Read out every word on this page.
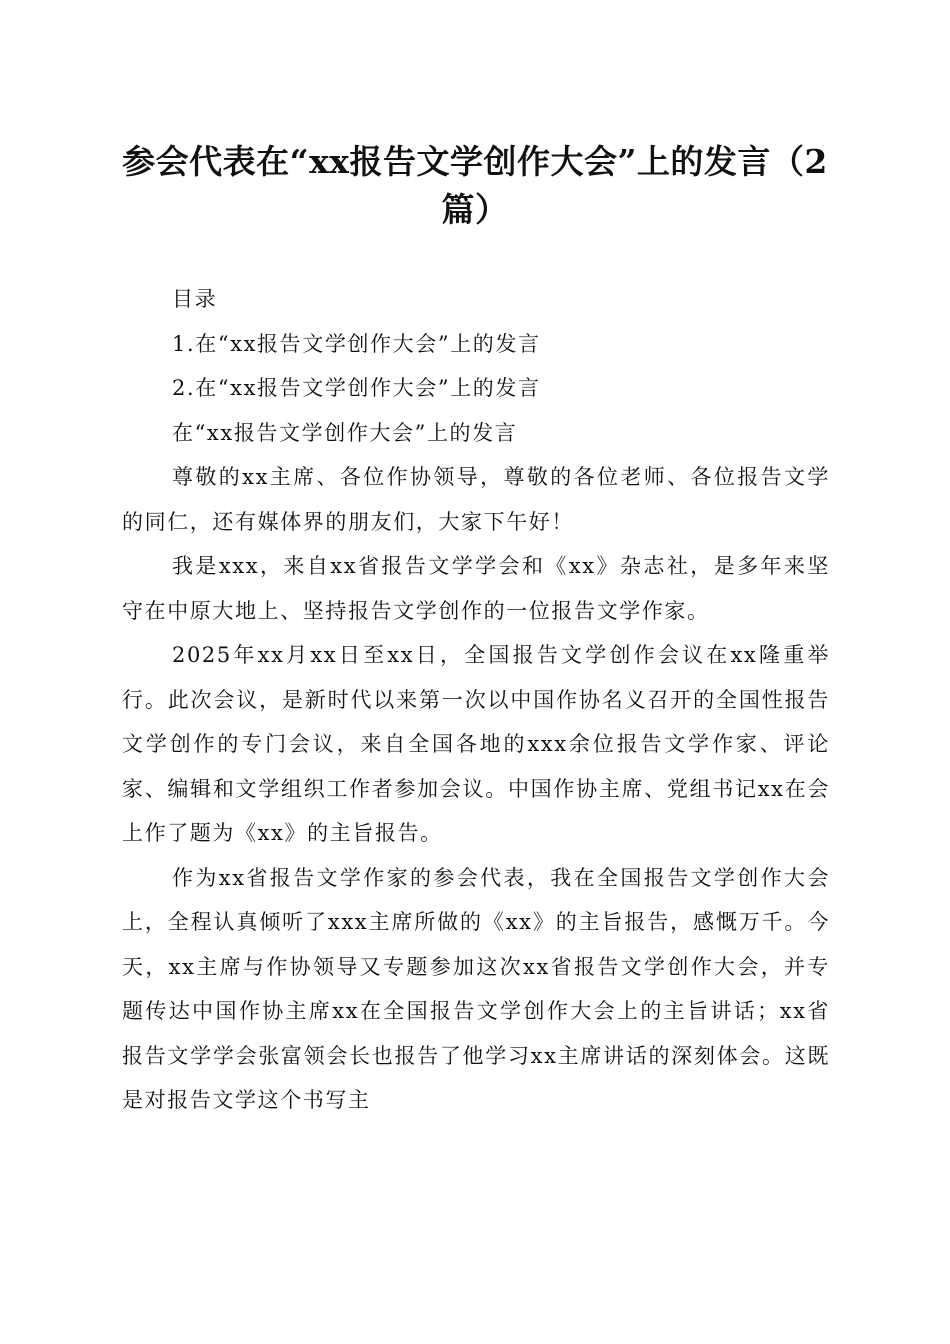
参会代表在“xx报告文学创作大会”上的发言（2篇）

目录

1.在“xx报告文学创作大会”上的发言

2.在“xx报告文学创作大会”上的发言

在“xx报告文学创作大会”上的发言

尊敬的xx主席、各位作协领导，尊敬的各位老师、各位报告文学的同仁，还有媒体界的朋友们，大家下午好！

我是xxx，来自xx省报告文学学会和《xx》杂志社，是多年来坚守在中原大地上、坚持报告文学创作的一位报告文学作家。

2025年xx月xx日至xx日，全国报告文学创作会议在xx隆重举行。此次会议，是新时代以来第一次以中国作协名义召开的全国性报告文学创作的专门会议，来自全国各地的xxx余位报告文学作家、评论家、编辑和文学组织工作者参加会议。中国作协主席、党组书记xx在会上作了题为《xx》的主旨报告。

作为xx省报告文学作家的参会代表，我在全国报告文学创作大会上，全程认真倾听了xxx主席所做的《xx》的主旨报告，感慨万千。今天，xx主席与作协领导又专题参加这次xx省报告文学创作大会，并专题传达中国作协主席xx在全国报告文学创作大会上的主旨讲话；xx省报告文学学会张富领会长也报告了他学习xx主席讲话的深刻体会。这既是对报告文学这个书写主
